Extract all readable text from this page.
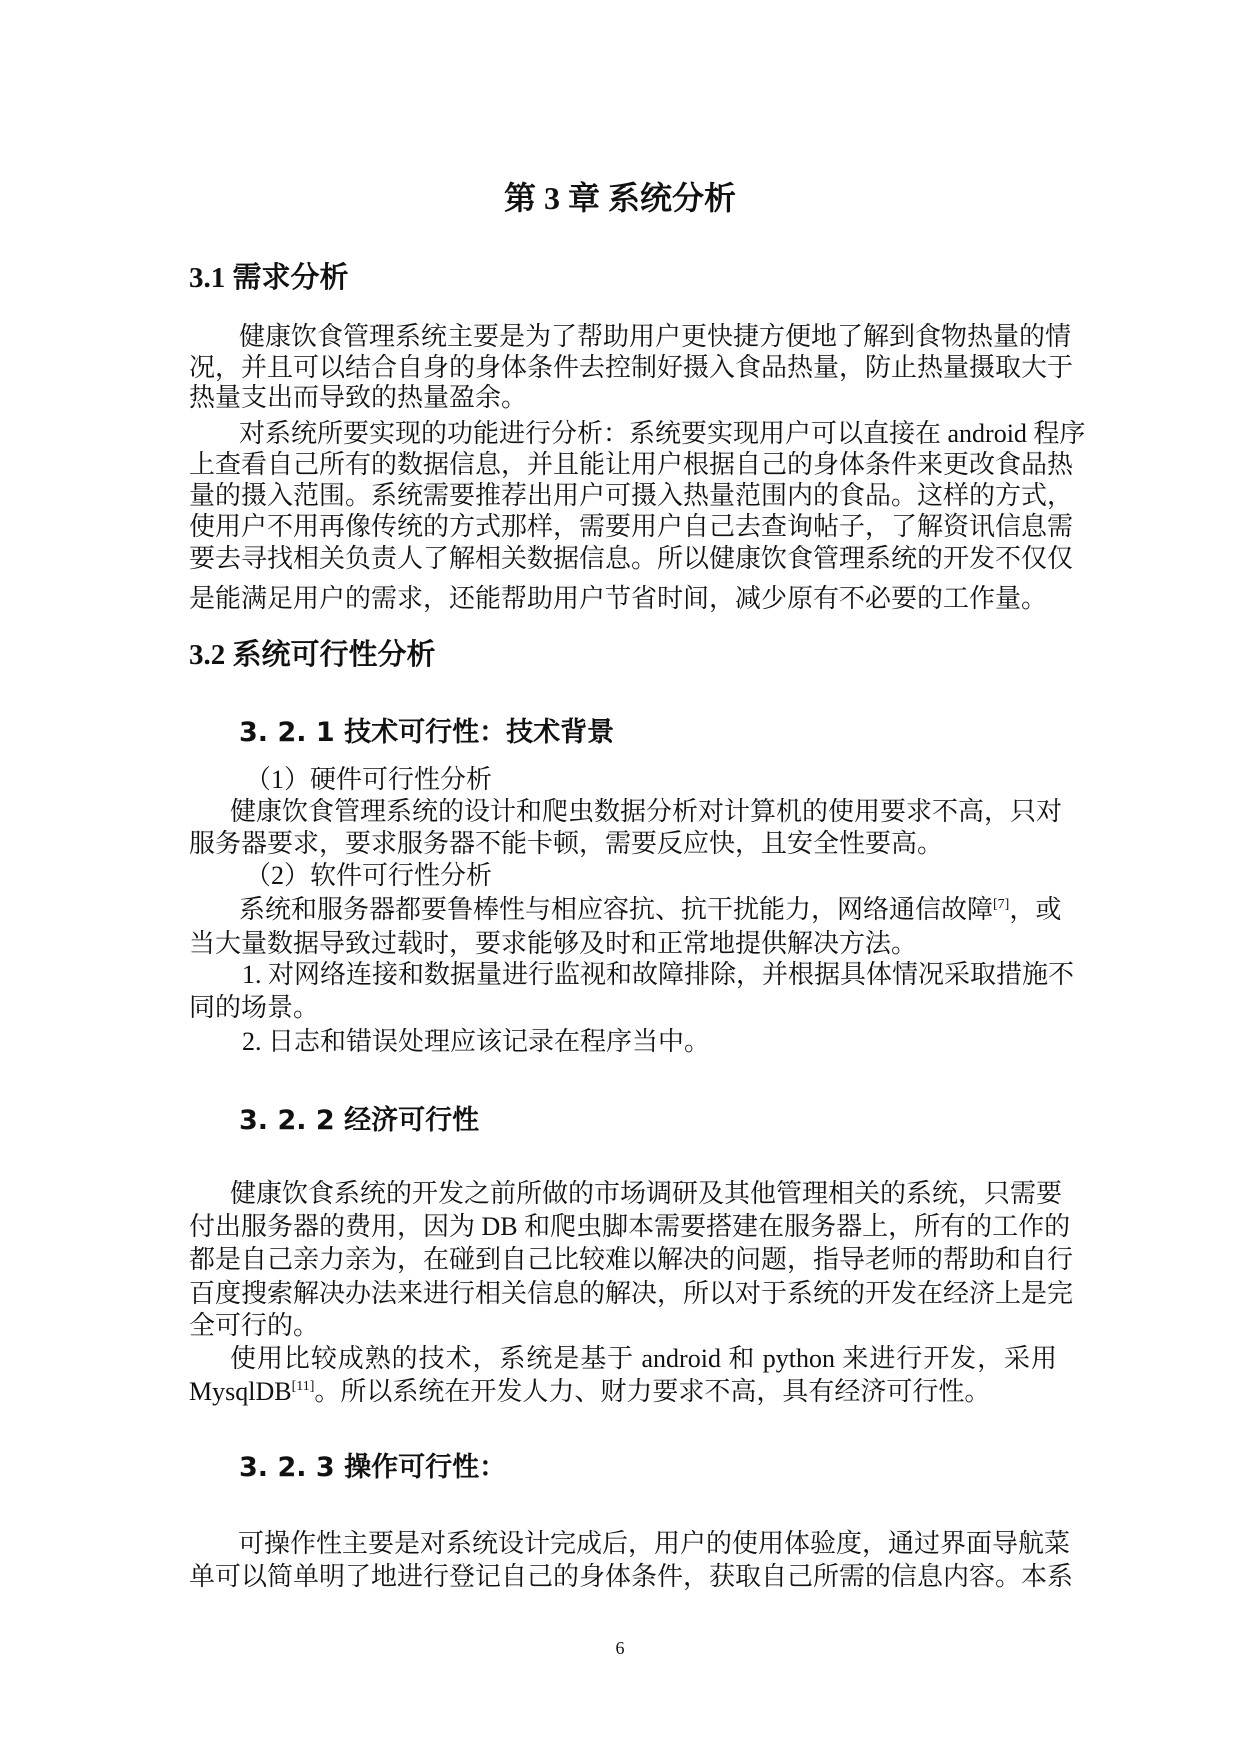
第 3 章 系统分析
3.1 需求分析
健康饮食管理系统主要是为了帮助用户更快捷方便地了解到食物热量的情
况，并且可以结合自身的身体条件去控制好摄入食品热量，防止热量摄取大于
热量支出而导致的热量盈余。
对系统所要实现的功能进行分析：系统要实现用户可以直接在 android 程序
上查看自己所有的数据信息，并且能让用户根据自己的身体条件来更改食品热
量的摄入范围。系统需要推荐出用户可摄入热量范围内的食品。这样的方式，
使用户不用再像传统的方式那样，需要用户自己去查询帖子，了解资讯信息需
要去寻找相关负责人了解相关数据信息。所以健康饮食管理系统的开发不仅仅
是能满足用户的需求，还能帮助用户节省时间，减少原有不必要的工作量。
3.2 系统可行性分析
3. 2. 1 技术可行性：技术背景
（1）硬件可行性分析
健康饮食管理系统的设计和爬虫数据分析对计算机的使用要求不高，只对
服务器要求，要求服务器不能卡顿，需要反应快，且安全性要高。
（2）软件可行性分析
系统和服务器都要鲁棒性与相应容抗、抗干扰能力，网络通信故障[7]，或
当大量数据导致过载时，要求能够及时和正常地提供解决方法。
1. 对网络连接和数据量进行监视和故障排除，并根据具体情况采取措施不
同的场景。
2. 日志和错误处理应该记录在程序当中。
3. 2. 2 经济可行性
健康饮食系统的开发之前所做的市场调研及其他管理相关的系统，只需要
付出服务器的费用，因为 DB 和爬虫脚本需要搭建在服务器上，所有的工作的
都是自己亲力亲为，在碰到自己比较难以解决的问题，指导老师的帮助和自行
百度搜索解决办法来进行相关信息的解决，所以对于系统的开发在经济上是完
全可行的。
使用比较成熟的技术，系统是基于 android 和 python 来进行开发，采用
MysqlDB[11]。所以系统在开发人力、财力要求不高，具有经济可行性。
3. 2. 3 操作可行性：
可操作性主要是对系统设计完成后，用户的使用体验度，通过界面导航菜
单可以简单明了地进行登记自己的身体条件，获取自己所需的信息内容。本系
6
